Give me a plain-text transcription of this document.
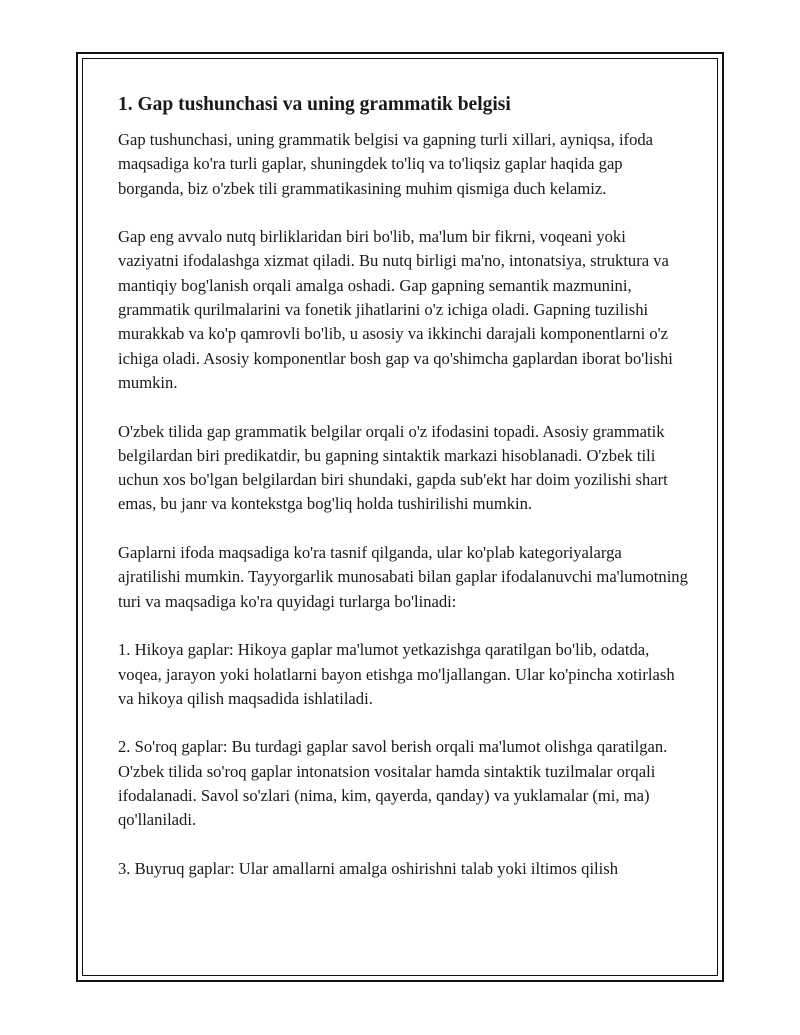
1. Gap tushunchasi va uning grammatik belgisi

Gap tushunchasi, uning grammatik belgisi va gapning turli xillari, ayniqsa, ifoda maqsadiga ko'ra turli gaplar, shuningdek to'liq va to'liqsiz gaplar haqida gap borganda, biz o'zbek tili grammatikasining muhim qismiga duch kelamiz.

Gap eng avvalo nutq birliklaridan biri bo'lib, ma'lum bir fikrni, voqeani yoki vaziyatni ifodalashga xizmat qiladi. Bu nutq birligi ma'no, intonatsiya, struktura va mantiqiy bog'lanish orqali amalga oshadi. Gap gapning semantik mazmunini, grammatik qurilmalarini va fonetik jihatlarini o'z ichiga oladi. Gapning tuzilishi murakkab va ko'p qamrovli bo'lib, u asosiy va ikkinchi darajali komponentlarni o'z ichiga oladi. Asosiy komponentlar bosh gap va qo'shimcha gaplardan iborat bo'lishi mumkin.

O'zbek tilida gap grammatik belgilar orqali o'z ifodasini topadi. Asosiy grammatik belgilardan biri predikatdir, bu gapning sintaktik markazi hisoblanadi. O'zbek tili uchun xos bo'lgan belgilardan biri shundaki, gapda sub'ekt har doim yozilishi shart emas, bu janr va kontekstga bog'liq holda tushirilishi mumkin.

Gaplarni ifoda maqsadiga ko'ra tasnif qilganda, ular ko'plab kategoriyalarga ajratilishi mumkin. Tayyorgarlik munosabati bilan gaplar ifodalanuvchi ma'lumotning turi va maqsadiga ko'ra quyidagi turlarga bo'linadi:

1. Hikoya gaplar: Hikoya gaplar ma'lumot yetkazishga qaratilgan bo'lib, odatda, voqea, jarayon yoki holatlarni bayon etishga mo'ljallangan. Ular ko'pincha xotirlash va hikoya qilish maqsadida ishlatiladi.

2. So'roq gaplar: Bu turdagi gaplar savol berish orqali ma'lumot olishga qaratilgan. O'zbek tilida so'roq gaplar intonatsion vositalar hamda sintaktik tuzilmalar orqali ifodalanadi. Savol so'zlari (nima, kim, qayerda, qanday) va yuklamalar (mi, ma) qo'llaniladi.

3. Buyruq gaplar: Ular amallarni amalga oshirishni talab yoki iltimos qilish
